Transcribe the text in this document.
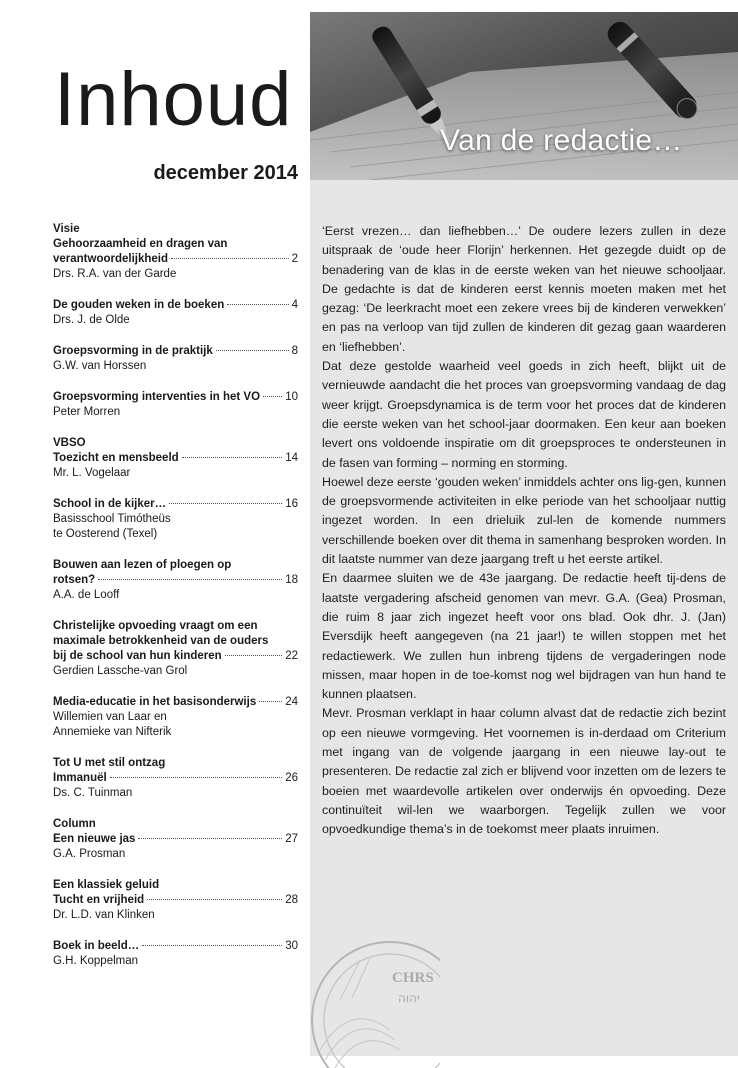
Inhoud
december 2014
Visie
Gehoorzaamheid en dragen van
verantwoordelijkheid	2
Drs. R.A. van der Garde
De gouden weken in de boeken	4
Drs. J. de Olde
Groepsvorming in de praktijk	8
G.W. van Horssen
Groepsvorming interventies in het VO 10
Peter Morren
VBSO
Toezicht en mensbeeld	14
Mr. L. Vogelaar
School in de kijker…	16
Basisschool Timótheüs
te Oosterend (Texel)
Bouwen aan lezen of ploegen op
rotsen?	18
A.A. de Looff
Christelijke opvoeding vraagt om een
maximale betrokkenheid van de ouders
bij de school van hun kinderen	22
Gerdien Lassche-van Grol
Media-educatie in het basisonderwijs	24
Willemien van Laar en
Annemieke van Nifterik
Tot U met stil ontzag
Immanuël	26
Ds. C. Tuinman
Column
Een nieuwe jas	27
G.A. Prosman
Een klassiek geluid
Tucht en vrijheid	28
Dr. L.D. van Klinken
Boek in beeld…	30
G.H. Koppelman
Van de redactie…

‘Eerst vrezen… dan liefhebben…’ De oudere lezers zullen in deze uitspraak de ‘oude heer Florijn’ herkennen. Het gezegde duidt op de benadering van de klas in de eerste weken van het nieuwe schooljaar. De gedachte is dat de kinderen eerst kennis moeten maken met het gezag: ‘De leerkracht moet een zekere vrees bij de kinderen verwekken’ en pas na verloop van tijd zullen de kinderen dit gezag gaan waarderen en ‘liefhebben’.

Dat deze gestolde waarheid veel goeds in zich heeft, blijkt uit de vernieuwde aandacht die het proces van groepsvorming vandaag de dag weer krijgt. Groepsdynamica is de term voor het proces dat de kinderen die eerste weken van het school-jaar doormaken. Een keur aan boeken levert ons voldoende inspiratie om dit groepsproces te ondersteunen in de fasen van forming – norming en storming.

Hoewel deze eerste ‘gouden weken’ inmiddels achter ons lig-gen, kunnen de groepsvormende activiteiten in elke periode van het schooljaar nuttig ingezet worden. In een drieluik zul-len de komende nummers verschillende boeken over dit thema in samenhang besproken worden. In dit laatste nummer van deze jaargang treft u het eerste artikel.

En daarmee sluiten we de 43e jaargang. De redactie heeft tij-dens de laatste vergadering afscheid genomen van mevr. G.A. (Gea) Prosman, die ruim 8 jaar zich ingezet heeft voor ons blad. Ook dhr. J. (Jan) Eversdijk heeft aangegeven (na 21 jaar!) te willen stoppen met het redactiewerk. We zullen hun inbreng tijdens de vergaderingen node missen, maar hopen in de toe-komst nog wel bijdragen van hun hand te kunnen plaatsen.

Mevr. Prosman verklapt in haar column alvast dat de redactie zich bezint op een nieuwe vormgeving. Het voornemen is in-derdaad om Criterium met ingang van de volgende jaargang in een nieuwe lay-out te presenteren. De redactie zal zich er blijvend voor inzetten om de lezers te boeien met waardevolle artikelen over onderwijs én opvoeding. Deze continuïteit wil-len we waarborgen. Tegelijk zullen we voor opvoedkundige thema’s in de toekomst meer plaats inruimen.

CHRS
יהוה
